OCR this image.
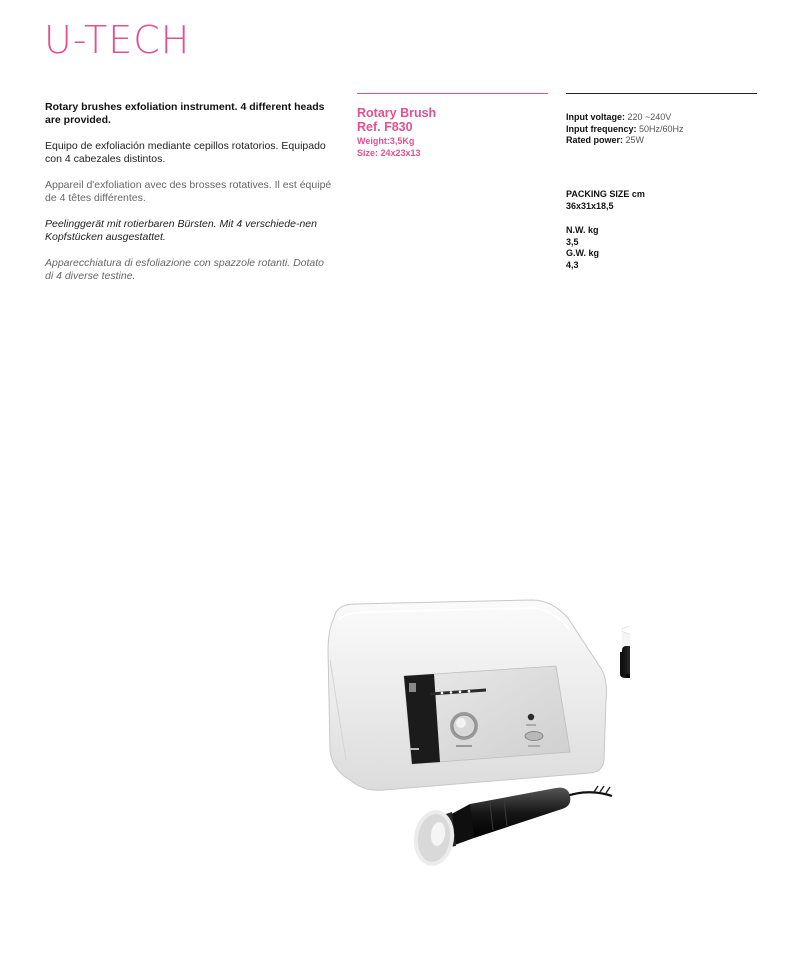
U-TECH

Rotary brushes exfoliation instrument. 4 different heads are provided.

Equipo de exfoliación mediante cepillos rotatorios. Equipado con 4 cabezales distintos.

Appareil d'exfoliation avec des brosses rotatives. Il est équipé de 4 têtes différentes.

Peelinggerät mit rotierbaren Bürsten. Mit 4 verschiede-nen Kopfstücken ausgestattet.

Apparecchiatura di esfoliazione con spazzole rotanti. Dotato di 4 diverse testine.

Rotary Brush
Ref. F830
Weight:3,5Kg
Size: 24x23x13
Input voltage: 220 ~240V
Input frequency: 50Hz/60Hz
Rated power: 25W
PACKING SIZE cm
36x31x18,5
N.W. kg
3,5
G.W. kg
4,3
